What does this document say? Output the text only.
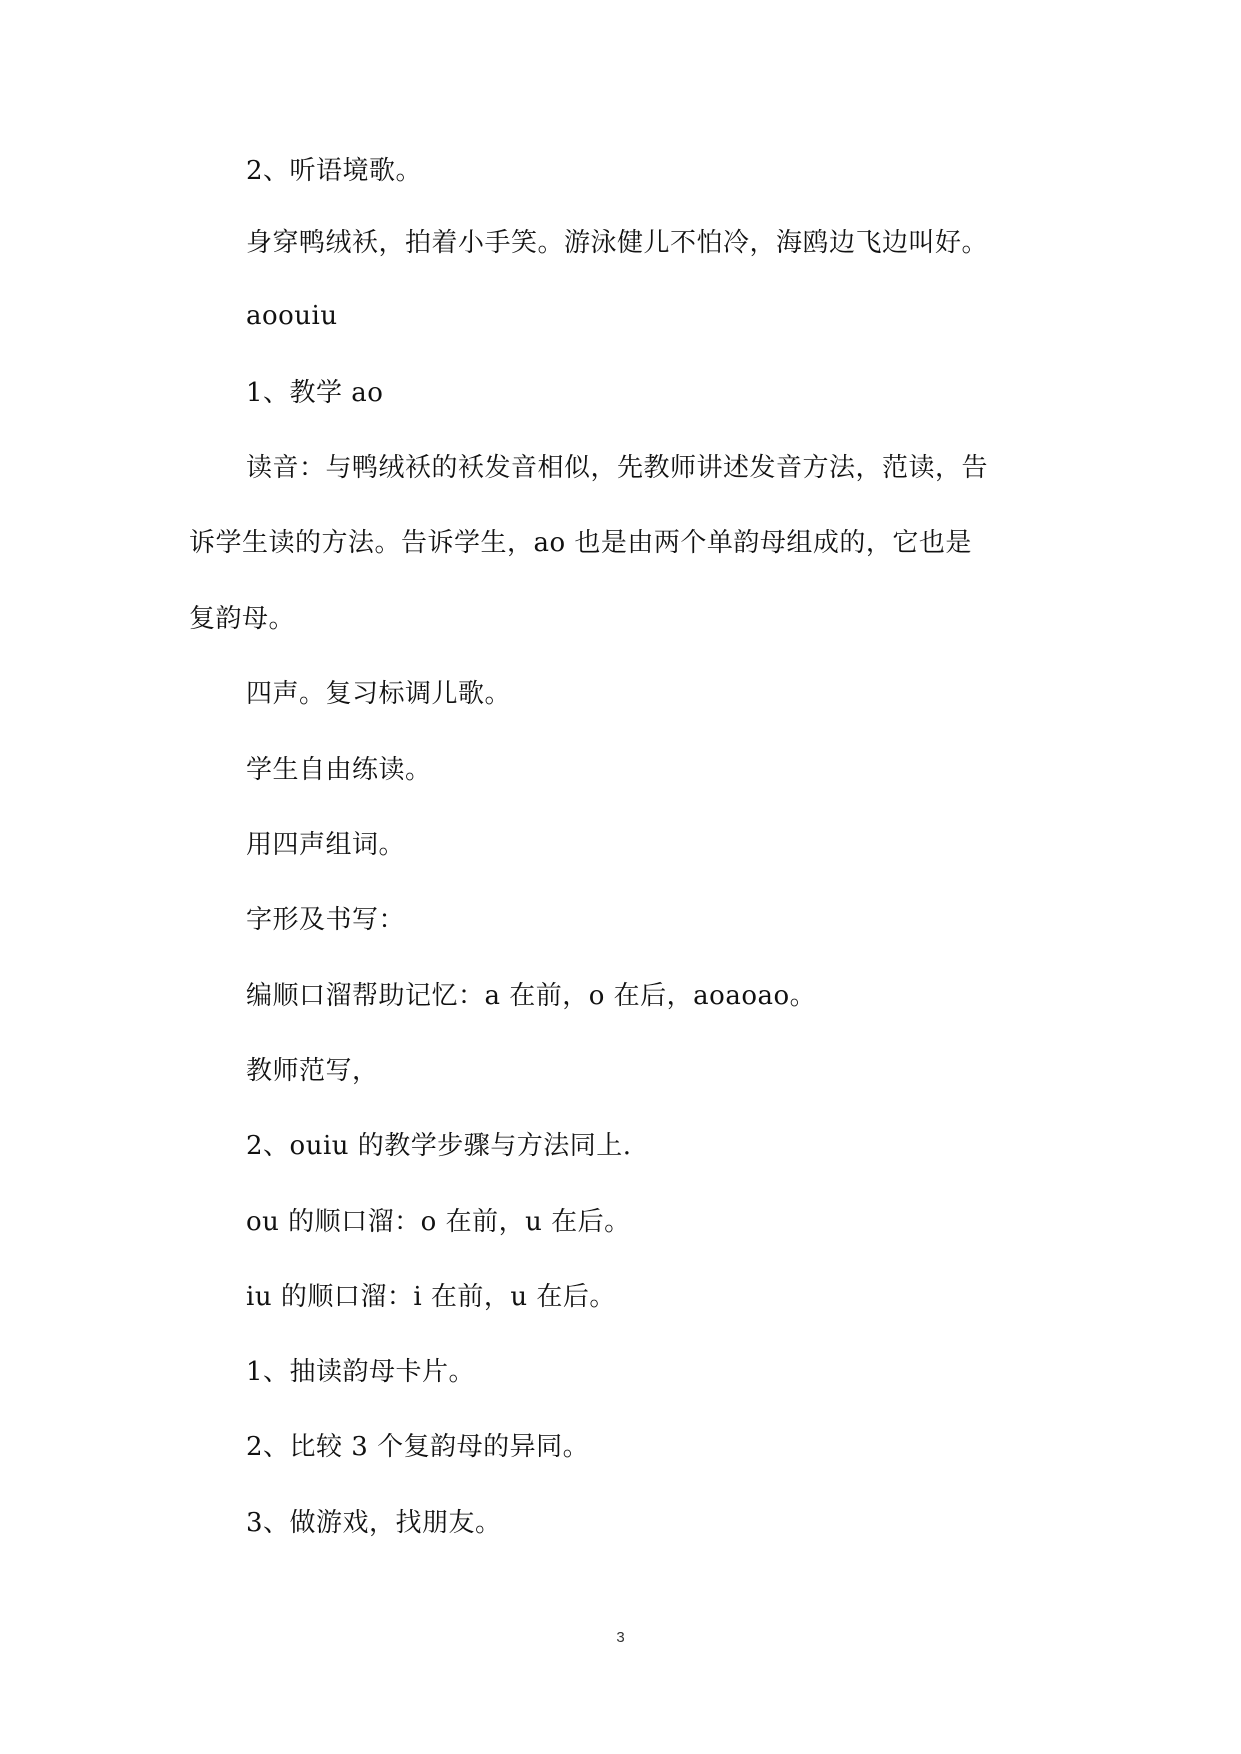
2、听语境歌。
身穿鸭绒袄，拍着小手笑。游泳健儿不怕冷，海鸥边飞边叫好。
aoouiu
1、教学 ao
读音：与鸭绒袄的袄发音相似，先教师讲述发音方法，范读，告
诉学生读的方法。告诉学生，ao 也是由两个单韵母组成的，它也是
复韵母。
四声。复习标调儿歌。
学生自由练读。
用四声组词。
字形及书写：
编顺口溜帮助记忆：a 在前，o 在后，aoaoao。
教师范写，
2、ouiu 的教学步骤与方法同上.
ou 的顺口溜：o 在前，u 在后。
iu 的顺口溜：i 在前，u 在后。
1、抽读韵母卡片。
2、比较 3 个复韵母的异同。
3、做游戏，找朋友。
3
